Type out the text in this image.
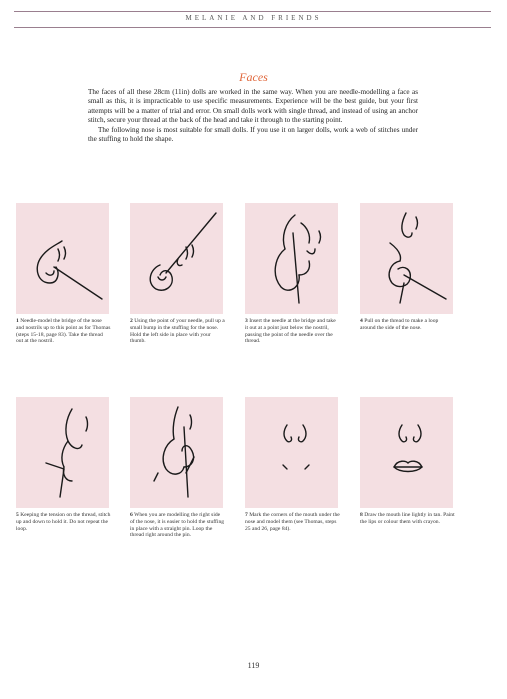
MELANIE AND FRIENDS
Faces

The faces of all these 28cm (11in) dolls are worked in the same way. When you are needle-modelling a face as small as this, it is impracticable to use specific measurements. Experience will be the best guide, but your first attempts will be a matter of trial and error. On small dolls work with single thread, and instead of using an anchor stitch, secure your thread at the back of the head and take it through to the starting point.

The following nose is most suitable for small dolls. If you use it on larger dolls, work a web of stitches under the stuffing to hold the shape.

1 Needle-model the bridge of the nose and nostrils up to this point as for Thomas (steps 15-18, page 83). Take the thread out at the nostril.
2 Using the point of your needle, pull up a small bump in the stuffing for the nose. Hold the left side in place with your thumb.
3 Insert the needle at the bridge and take it out at a point just below the nostril, passing the point of the needle over the thread.
4 Pull on the thread to make a loop around the side of the nose.
5 Keeping the tension on the thread, stitch up and down to hold it. Do not repeat the loop.
6 When you are modelling the right side of the nose, it is easier to hold the stuffing in place with a straight pin. Loop the thread right around the pin.
7 Mark the corners of the mouth under the nose and model them (see Thomas, steps 25 and 26, page 84).
8 Draw the mouth line lightly in tan. Paint the lips or colour them with crayon.
119
